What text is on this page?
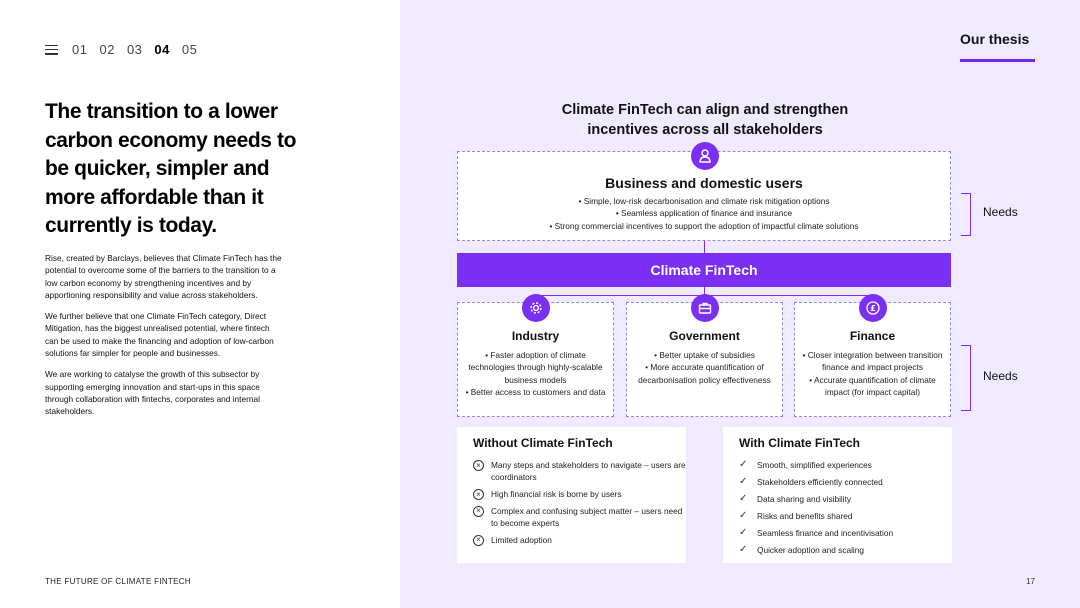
01 02 03 04 05
The transition to a lower carbon economy needs to be quicker, simpler and more affordable than it currently is today.

Rise, created by Barclays, believes that Climate FinTech has the potential to overcome some of the barriers to the transition to a low carbon economy by strengthening incentives and by apportioning responsibility and value across stakeholders.

We further believe that one Climate FinTech category, Direct Mitigation, has the biggest unrealised potential, where fintech can be used to make the financing and adoption of low-carbon solutions far simpler for people and businesses.

We are working to catalyse the growth of this subsector by supporting emerging innovation and start-ups in this space through collaboration with fintechs, corporates and internal stakeholders.

THE FUTURE OF CLIMATE FINTECH
Our thesis
Climate FinTech can align and strengthen incentives across all stakeholders
Business and domestic users
• Simple, low-risk decarbonisation and climate risk mitigation options
• Seamless application of finance and insurance
• Strong commercial incentives to support the adoption of impactful climate solutions
Climate FinTech
Industry
• Faster adoption of climate technologies through highly-scalable business models
• Better access to customers and data
Government
• Better uptake of subsidies
• More accurate quantification of decarbonisation policy effectiveness
Finance
• Closer integration between transition finance and impact projects
• Accurate quantification of climate impact (for impact capital)
£
Needs
Needs
Without Climate FinTech
×	Many steps and stakeholders to navigate – users are coordinators
×	High financial risk is borne by users
×	Complex and confusing subject matter – users need to become experts
×	Limited adoption
With Climate FinTech
✓ Smooth, simplified experiences
✓ Stakeholders efficiently connected
✓ Data sharing and visibility
✓ Risks and benefits shared
✓ Seamless finance and incentivisation
✓ Quicker adoption and scaling
17
